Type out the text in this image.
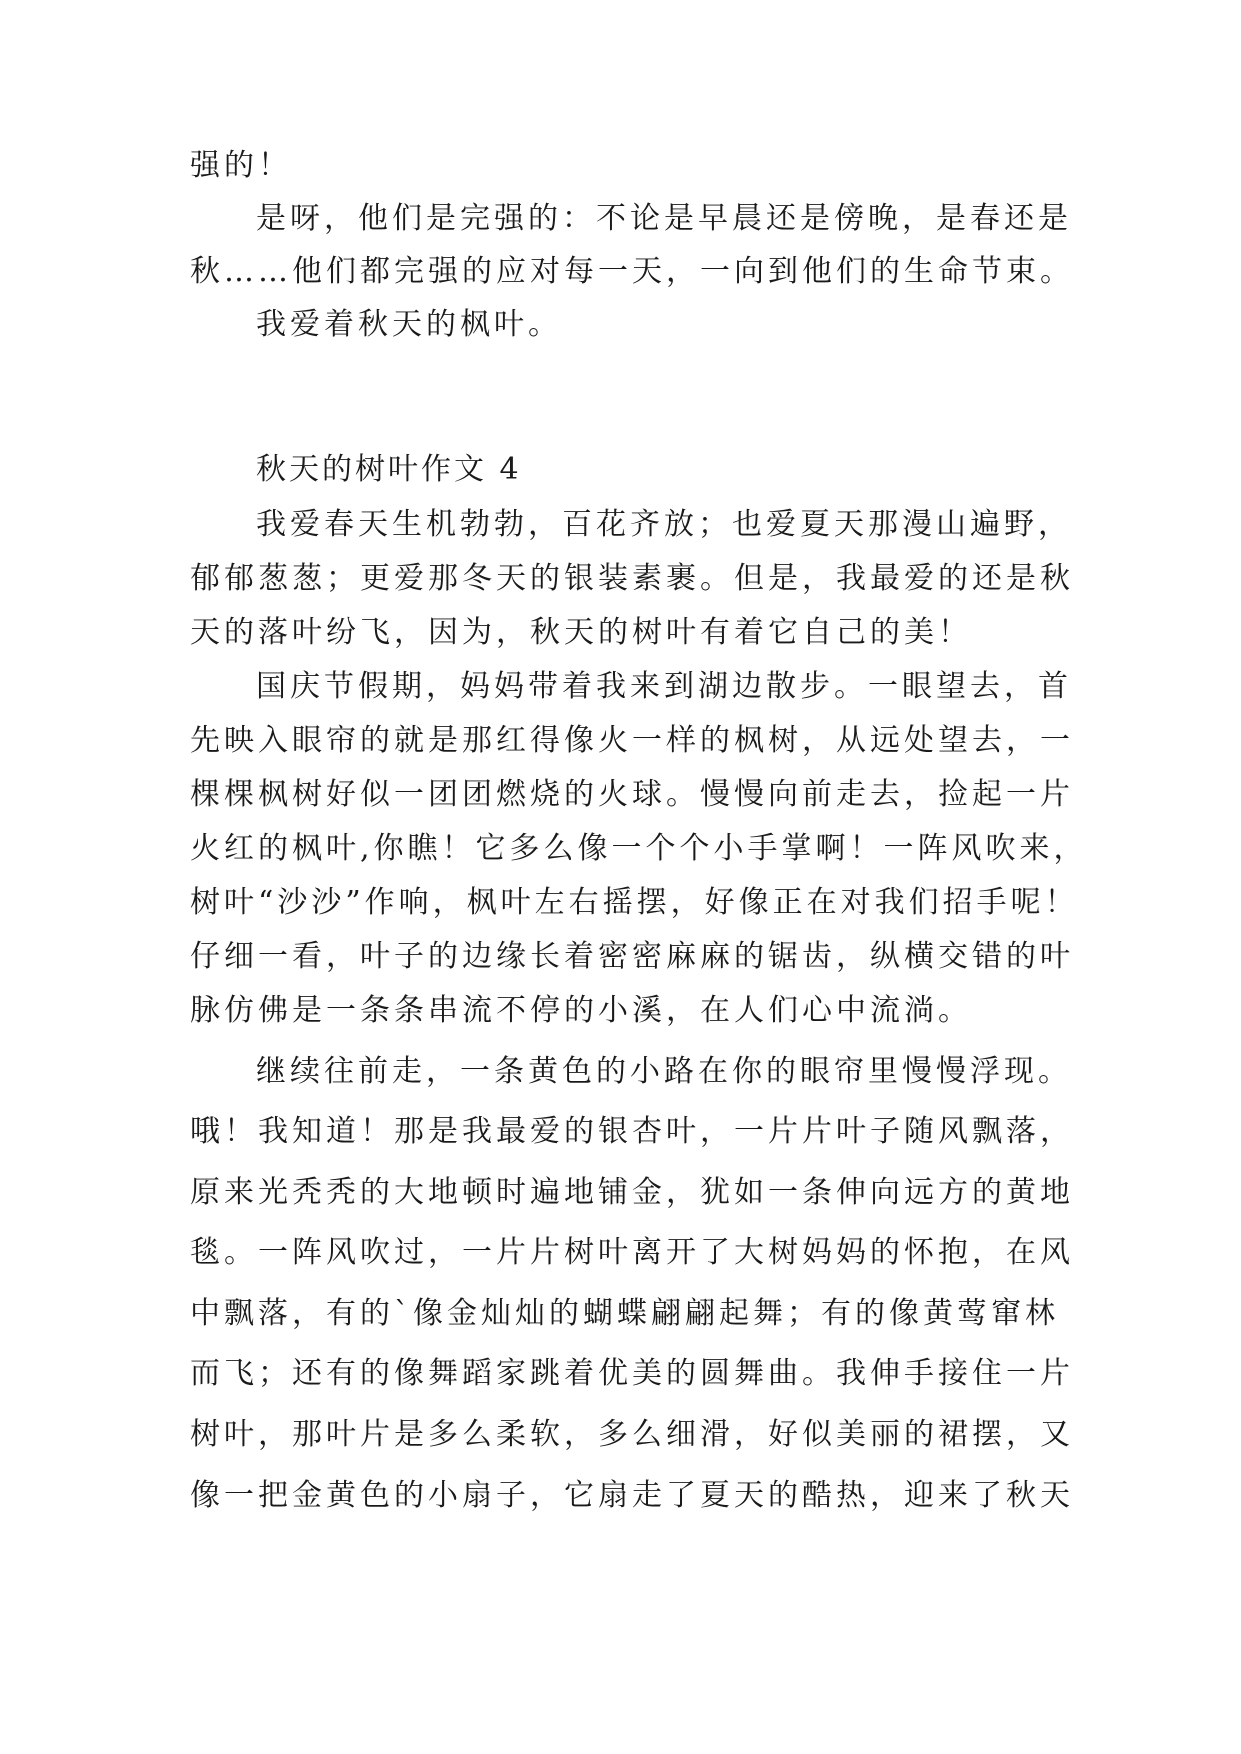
强的！

是呀，他们是完强的：不论是早晨还是傍晚，是春还是

秋……他们都完强的应对每一天，一向到他们的生命节束。

我爱着秋天的枫叶。

秋天的树叶作文 4

我爱春天生机勃勃，百花齐放；也爱夏天那漫山遍野，

郁郁葱葱；更爱那冬天的银装素裹。但是，我最爱的还是秋

天的落叶纷飞，因为，秋天的树叶有着它自己的美！

国庆节假期，妈妈带着我来到湖边散步。一眼望去，首

先映入眼帘的就是那红得像火一样的枫树，从远处望去，一

棵棵枫树好似一团团燃烧的火球。慢慢向前走去，捡起一片

火红的枫叶,你瞧！它多么像一个个小手掌啊！一阵风吹来，

树叶“沙沙”作响，枫叶左右摇摆，好像正在对我们招手呢！

仔细一看，叶子的边缘长着密密麻麻的锯齿，纵横交错的叶

脉仿佛是一条条串流不停的小溪，在人们心中流淌。

继续往前走，一条黄色的小路在你的眼帘里慢慢浮现。

哦！我知道！那是我最爱的银杏叶，一片片叶子随风飘落，

原来光秃秃的大地顿时遍地铺金，犹如一条伸向远方的黄地

毯。一阵风吹过，一片片树叶离开了大树妈妈的怀抱，在风

中飘落，有的`像金灿灿的蝴蝶翩翩起舞；有的像黄莺窜林

而飞；还有的像舞蹈家跳着优美的圆舞曲。我伸手接住一片

树叶，那叶片是多么柔软，多么细滑，好似美丽的裙摆，又

像一把金黄色的小扇子，它扇走了夏天的酷热，迎来了秋天
